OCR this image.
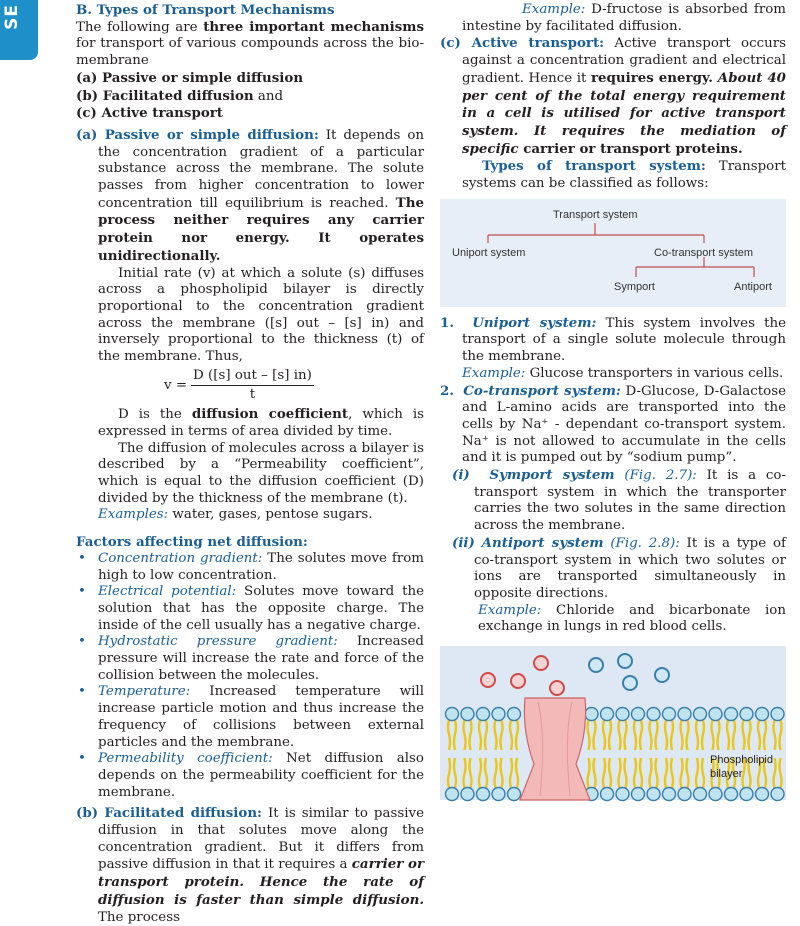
SE	B. Types of Transport Mechanisms

The following are three important mechanisms for transport of various compounds across the bio-membrane

(a) Passive or simple diffusion

(b) Facilitated diffusion and

(c) Active transport

(a) Passive or simple diffusion: It depends on the concentration gradient of a particular substance across the membrane. The solute passes from higher concentration to lower concentration till equilibrium is reached. The process neither requires any carrier protein nor energy. It operates unidirectionally.

Initial rate (v) at which a solute (s) diffuses across a phospholipid bilayer is directly proportional to the concentration gradient across the membrane ([s] out – [s] in) and inversely proportional to the thickness (t) of the membrane. Thus,

$v = \frac{\text{D ([s] out – [s] in)}}{t}$

D is the diffusion coefficient, which is expressed in terms of area divided by time.

The diffusion of molecules across a bilayer is described by a “Permeability coefficient”, which is equal to the diffusion coefficient (D) divided by the thickness of the membrane (t).

Examples: water, gases, pentose sugars.

Factors affecting net diffusion:

• Concentration gradient: The solutes move from high to low concentration.

• Electrical potential: Solutes move toward the solution that has the opposite charge. The inside of the cell usually has a negative charge.

• Hydrostatic pressure gradient: Increased pressure will increase the rate and force of the collision between the molecules.

• Temperature: Increased temperature will increase particle motion and thus increase the frequency of collisions between external particles and the membrane.

• Permeability coefficient: Net diffusion also depends on the permeability coefficient for the membrane.

(b) Facilitated diffusion: It is similar to passive diffusion in that solutes move along the concentration gradient. But it differs from passive diffusion in that it requires a carrier or transport protein. Hence the rate of diffusion is faster than simple diffusion. The process

Example: D-fructose is absorbed from intestine by facilitated diffusion.

(c) Active transport: Active transport occurs against a concentration gradient and electrical gradient. Hence it requires energy. About 40 per cent of the total energy requirement in a cell is utilised for active transport system. It requires the mediation of specific carrier or transport proteins.

Types of transport system: Transport systems can be classified as follows:

Transport system
Uniport system	Co-transport system
Symport	Antiport

1. Uniport system: This system involves the transport of a single solute molecule through the membrane.

Example: Glucose transporters in various cells.

2. Co-transport system: D-Glucose, D-Galactose and L-amino acids are transported into the cells by Na⁺ - dependant co-transport system. Na⁺ is not allowed to accumulate in the cells and it is pumped out by “sodium pump”.

(i) Symport system (Fig. 2.7): It is a co-transport system in which the transporter carries the two solutes in the same direction across the membrane.

(ii) Antiport system (Fig. 2.8): It is a type of co-transport system in which two solutes or ions are transported simultaneously in opposite directions.

Example: Chloride and bicarbonate ion exchange in lungs in red blood cells.

Phospholipid
bilayer
